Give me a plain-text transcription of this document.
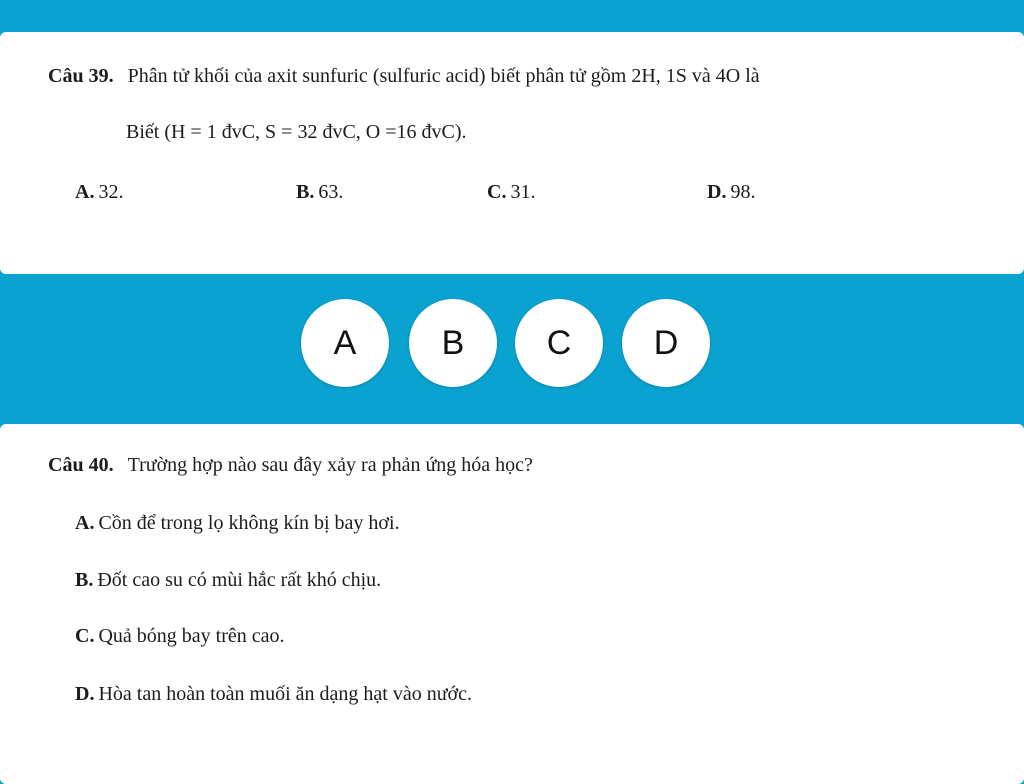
Câu 39. Phân tử khối của axit sunfuric (sulfuric acid) biết phân tử gồm 2H, 1S và 4O là
Biết (H = 1 đvC, S = 32 đvC, O =16 đvC).
A. 32.	B. 63.	C. 31.	D. 98.
A	B	C	D
Câu 40. Trường hợp nào sau đây xảy ra phản ứng hóa học?
A. Cồn để trong lọ không kín bị bay hơi.
B. Đốt cao su có mùi hắc rất khó chịu.
C. Quả bóng bay trên cao.
D. Hòa tan hoàn toàn muối ăn dạng hạt vào nước.
